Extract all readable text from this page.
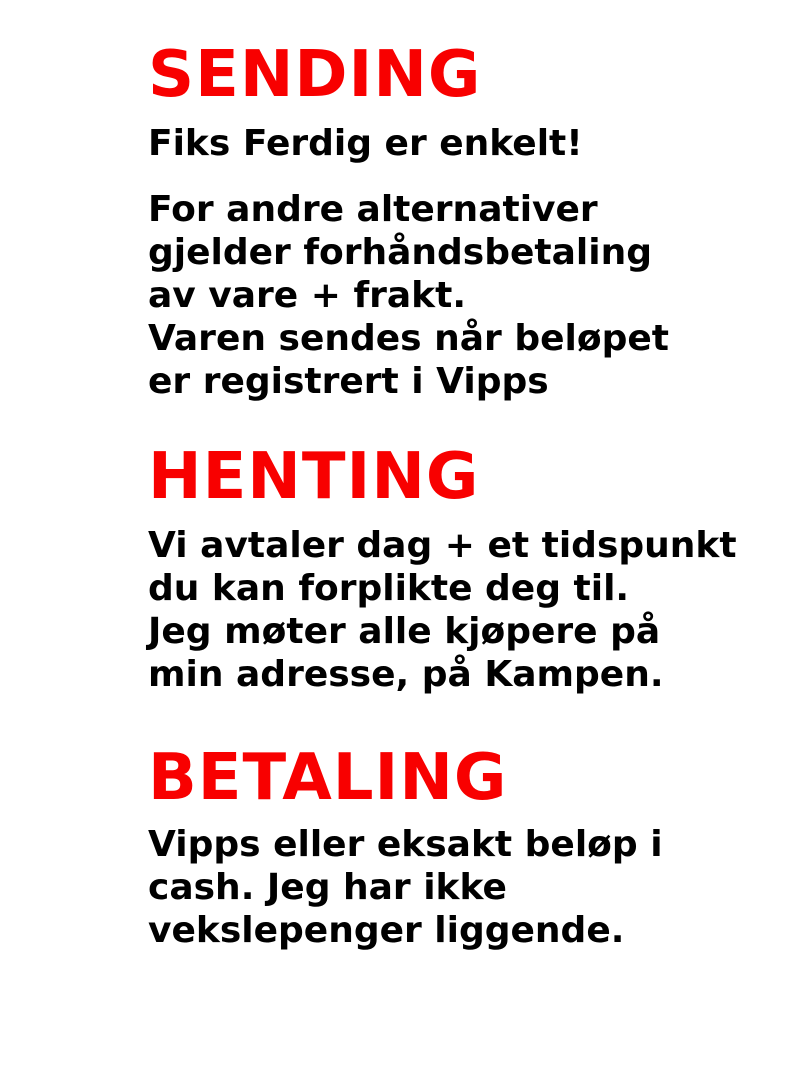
SENDING

Fiks Ferdig er enkelt!

For andre alternativer
gjelder forhåndsbetaling
av vare + frakt.
Varen sendes når beløpet
er registrert i Vipps

HENTING

Vi avtaler dag + et tidspunkt
du kan forplikte deg til.
Jeg møter alle kjøpere på
min adresse, på Kampen.

BETALING

Vipps eller eksakt beløp i
cash. Jeg har ikke
vekslepenger liggende.
